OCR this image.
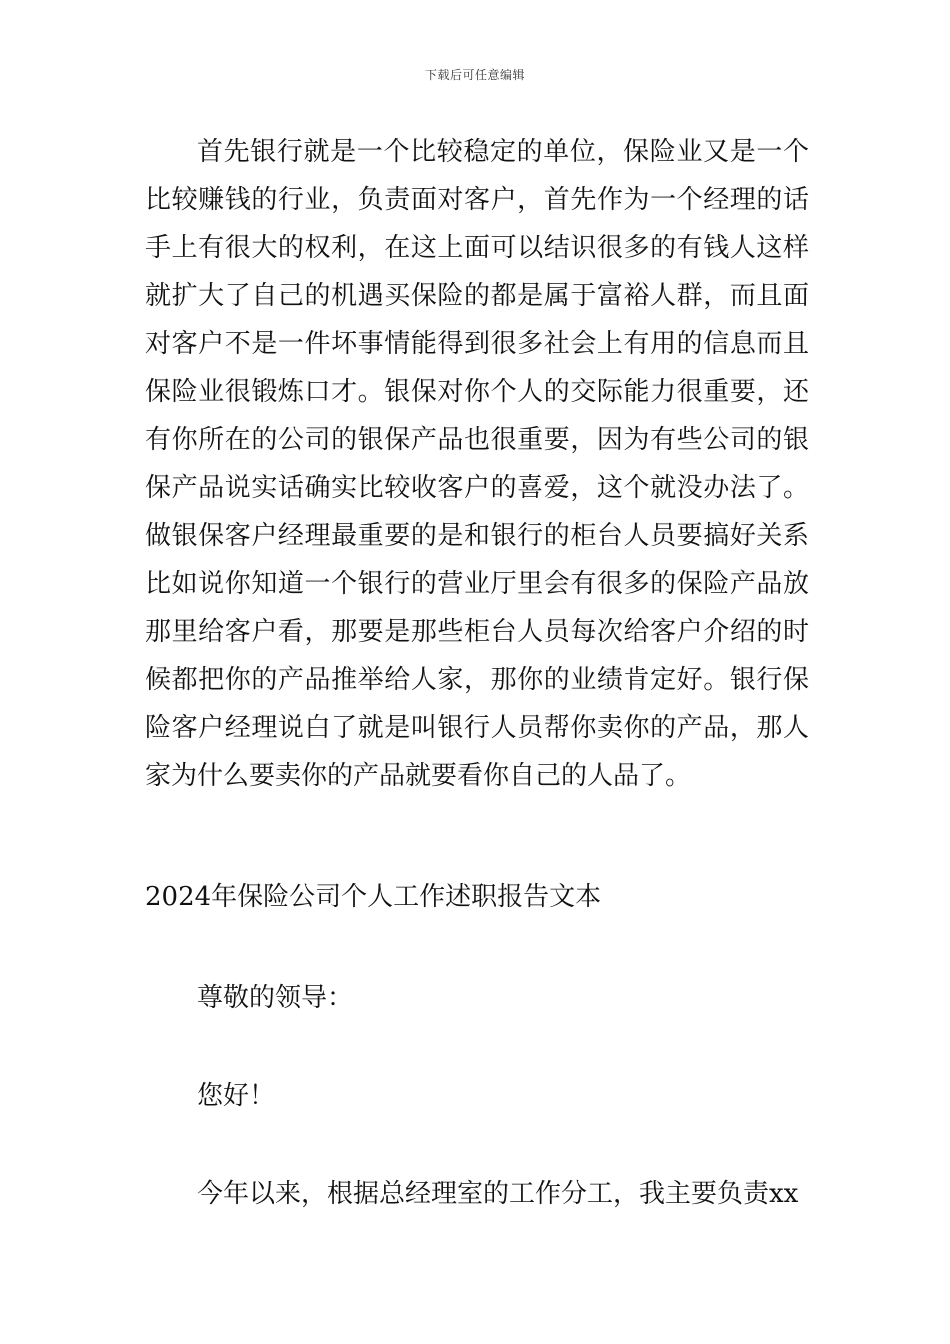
下载后可任意编辑
首先银行就是一个比较稳定的单位，保险业又是一个比较赚钱的行业，负责面对客户，首先作为一个经理的话手上有很大的权利，在这上面可以结识很多的有钱人这样就扩大了自己的机遇买保险的都是属于富裕人群，而且面对客户不是一件坏事情能得到很多社会上有用的信息而且保险业很锻炼口才。银保对你个人的交际能力很重要，还有你所在的公司的银保产品也很重要，因为有些公司的银保产品说实话确实比较收客户的喜爱，这个就没办法了。做银保客户经理最重要的是和银行的柜台人员要搞好关系比如说你知道一个银行的营业厅里会有很多的保险产品放那里给客户看，那要是那些柜台人员每次给客户介绍的时候都把你的产品推举给人家，那你的业绩肯定好。银行保险客户经理说白了就是叫银行人员帮你卖你的产品，那人家为什么要卖你的产品就要看你自己的人品了。
2024年保险公司个人工作述职报告文本
尊敬的领导：
您好！
今年以来，根据总经理室的工作分工，我主要负责xx
